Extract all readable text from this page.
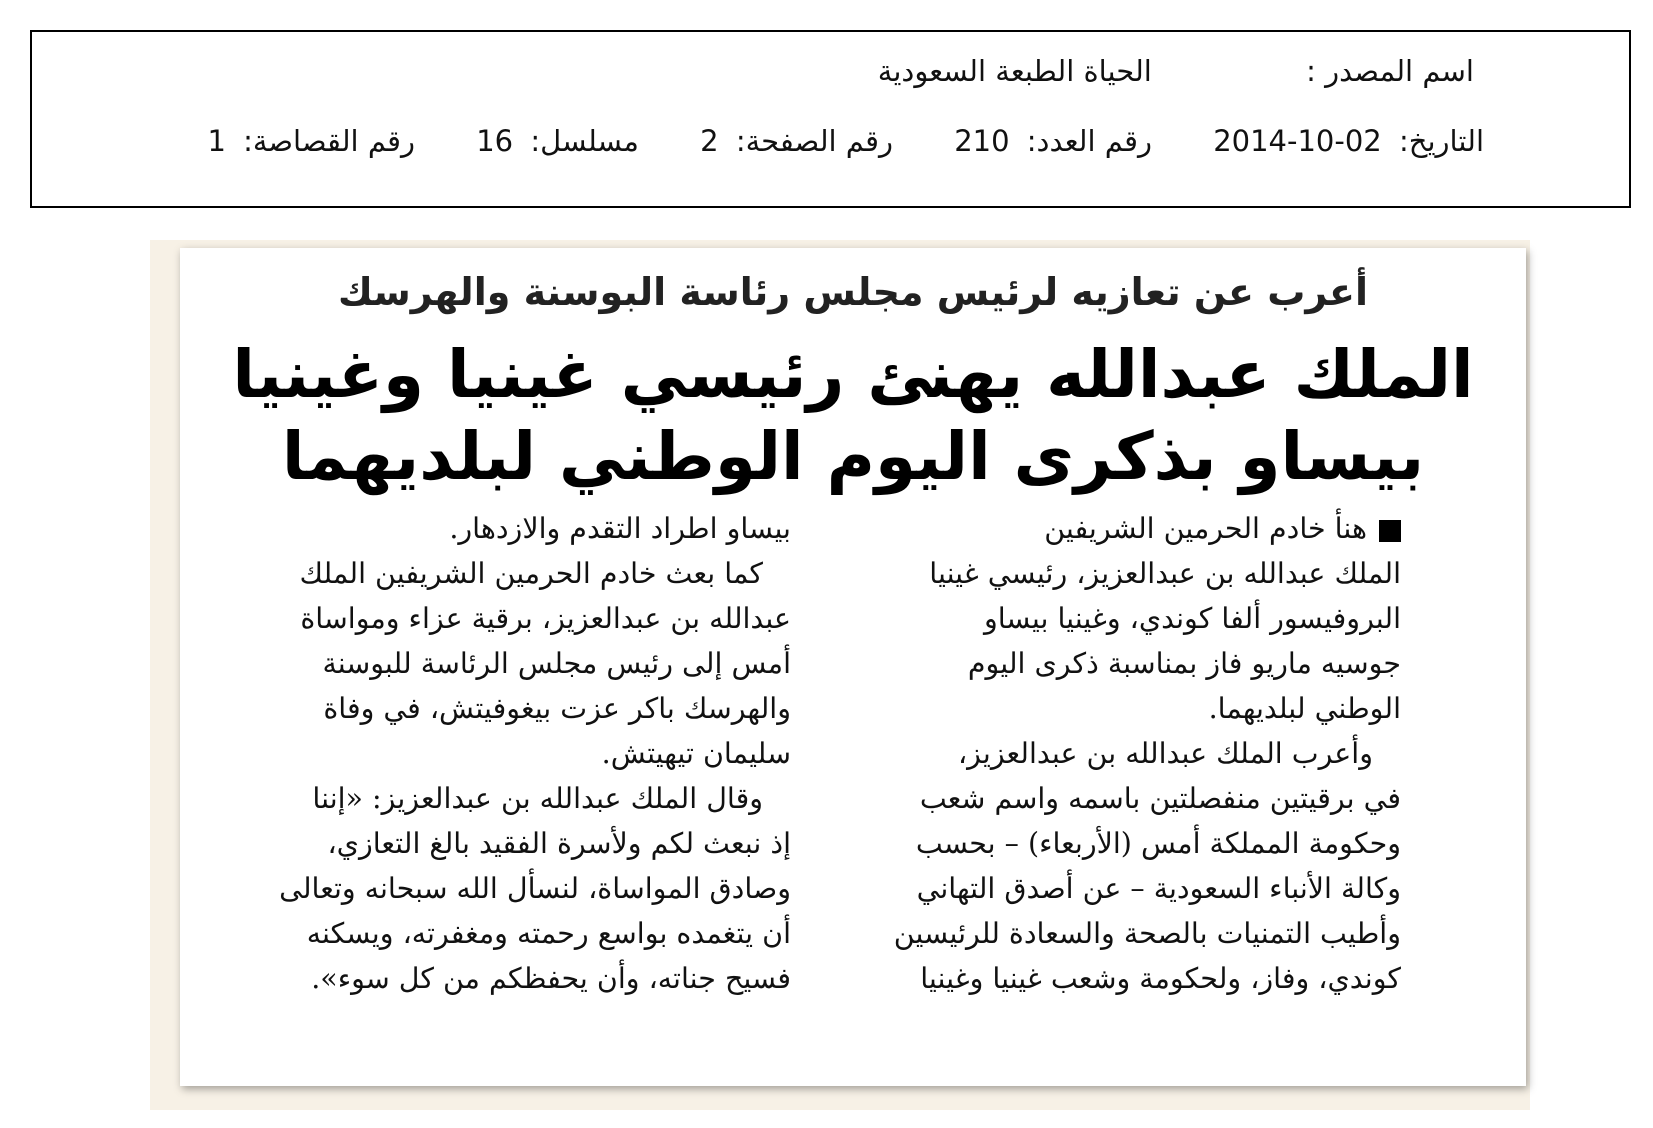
اسم المصدر : الحياة الطبعة السعودية
التاريخ: 2014-10-02 رقم العدد: 210 رقم الصفحة: 2 مسلسل: 16 رقم القصاصة: 1
أعرب عن تعازيه لرئيس مجلس رئاسة البوسنة والهرسك
الملك عبدالله يهنئ رئيسي غينيا وغينيا
بيساو بذكرى اليوم الوطني لبلديهما
هنأ خادم الحرمين الشريفين
الملك عبدالله بن عبدالعزيز، رئيسي غينيا
البروفيسور ألفا كوندي، وغينيا بيساو
جوسيه ماريو فاز بمناسبة ذكرى اليوم
الوطني لبلديهما.
وأعرب الملك عبدالله بن عبدالعزيز،
في برقيتين منفصلتين باسمه واسم شعب
وحكومة المملكة أمس (الأربعاء) – بحسب
وكالة الأنباء السعودية – عن أصدق التهاني
وأطيب التمنيات بالصحة والسعادة للرئيسين
كوندي، وفاز، ولحكومة وشعب غينيا وغينيا
بيساو اطراد التقدم والازدهار.
كما بعث خادم الحرمين الشريفين الملك
عبدالله بن عبدالعزيز، برقية عزاء ومواساة
أمس إلى رئيس مجلس الرئاسة للبوسنة
والهرسك باكر عزت بيغوفيتش، في وفاة
سليمان تيهيتش.
وقال الملك عبدالله بن عبدالعزيز: «إننا
إذ نبعث لكم ولأسرة الفقيد بالغ التعازي،
وصادق المواساة، لنسأل الله سبحانه وتعالى
أن يتغمده بواسع رحمته ومغفرته، ويسكنه
فسيح جناته، وأن يحفظكم من كل سوء».
